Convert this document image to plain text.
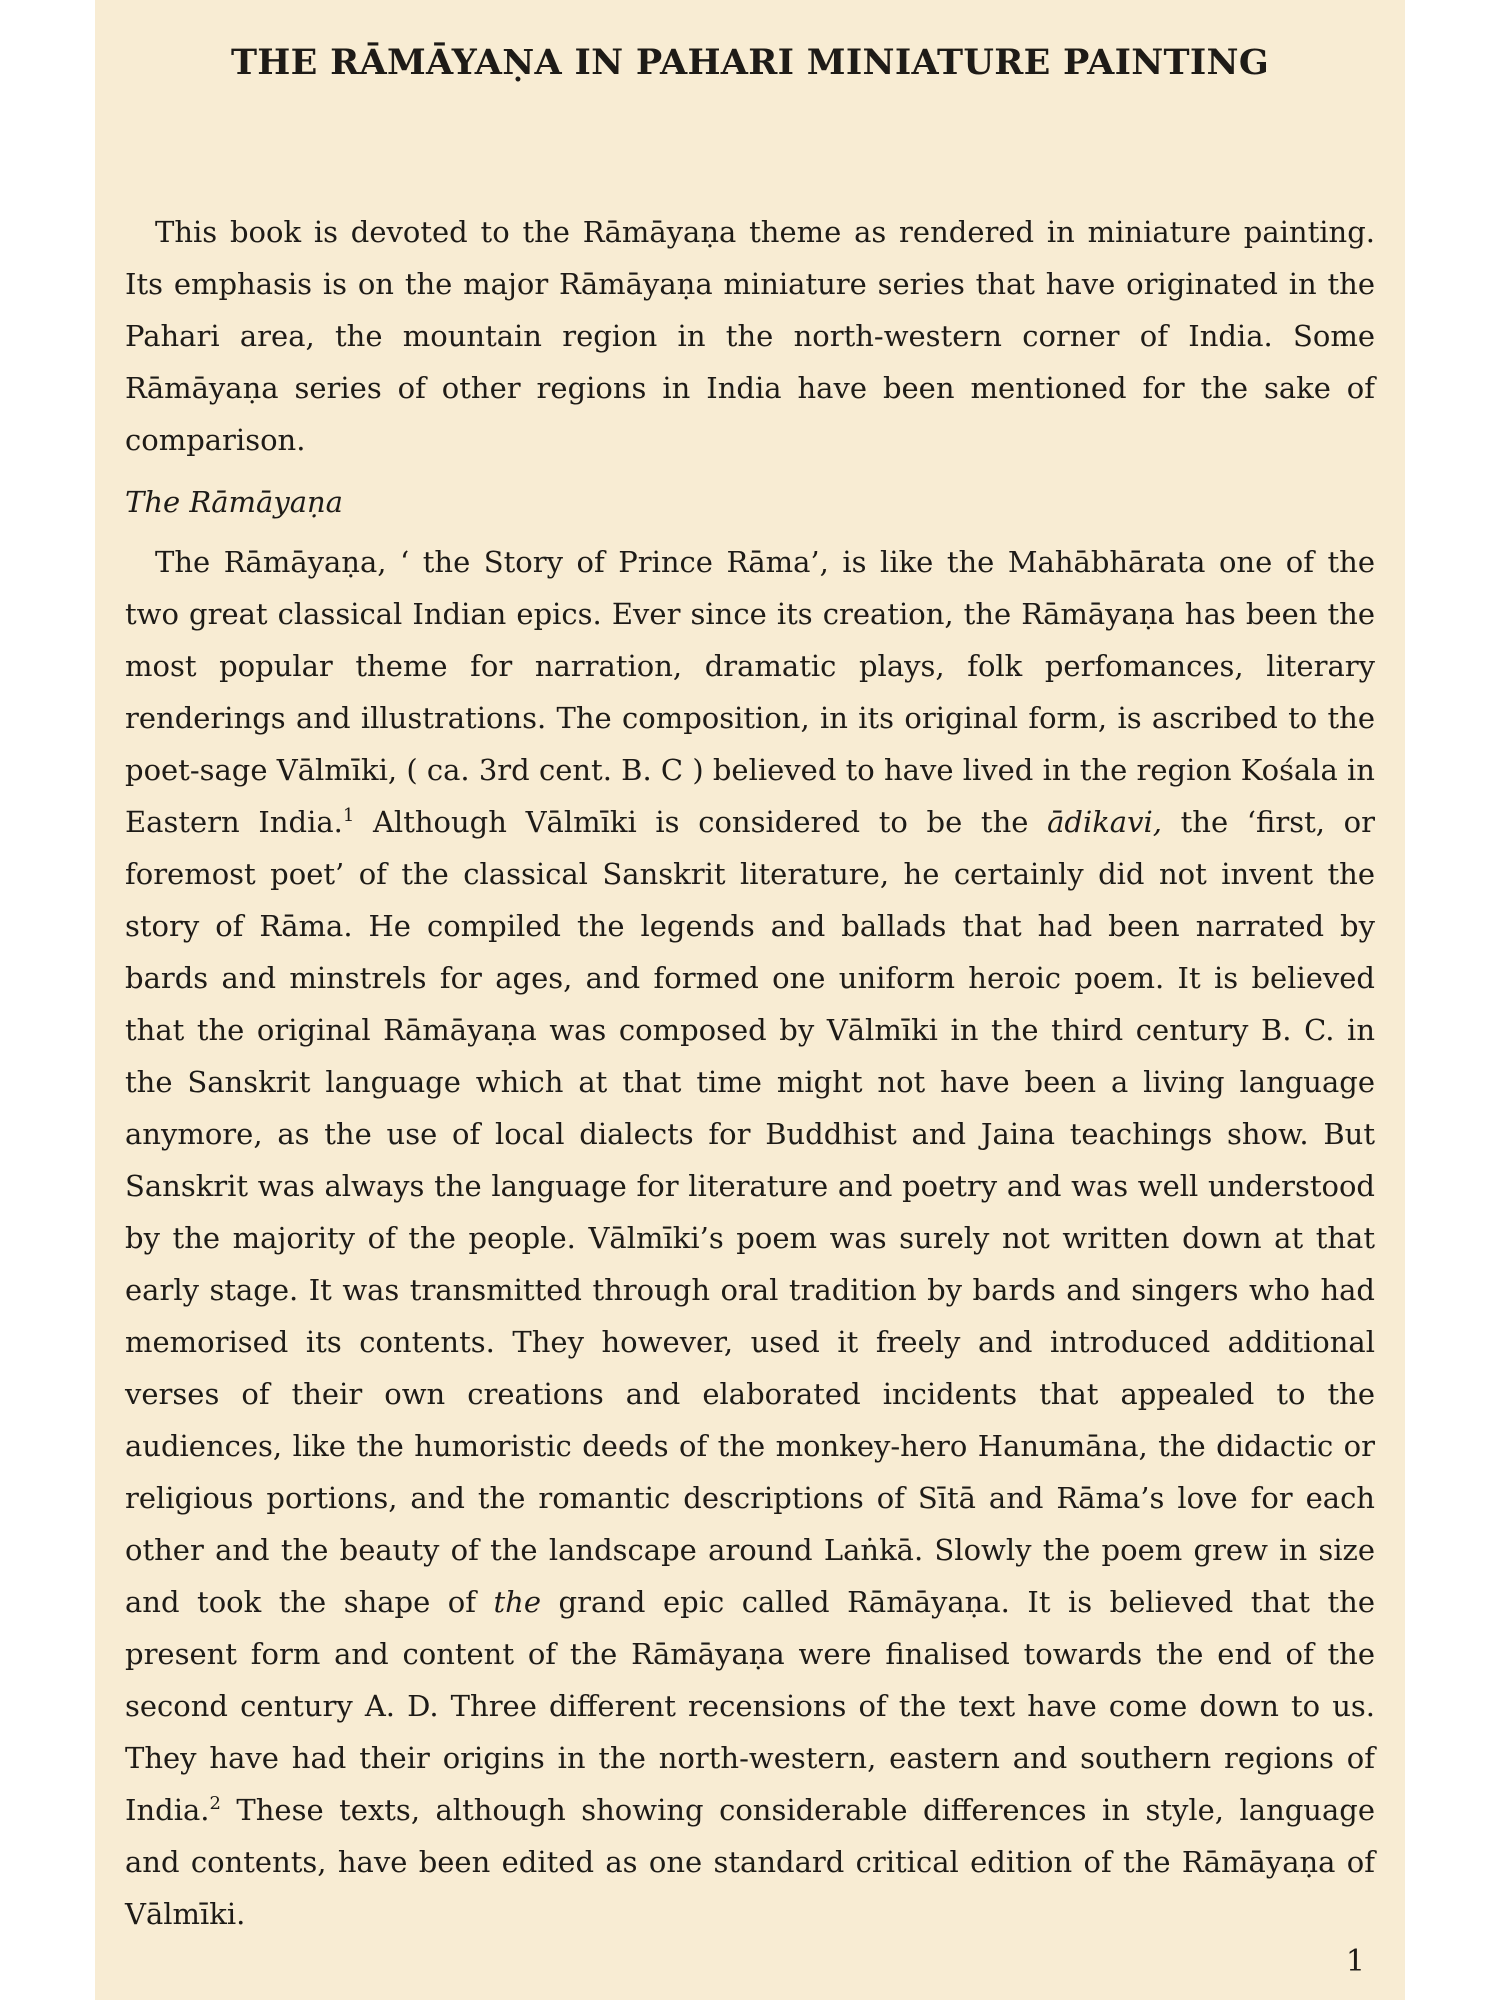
THE RĀMĀYAṆA IN PAHARI MINIATURE PAINTING

This book is devoted to the Rāmāyaṇa theme as rendered in miniature painting. Its emphasis is on the major Rāmāyaṇa miniature series that have originated in the Pahari area, the mountain region in the north-western corner of India. Some Rāmāyaṇa series of other regions in India have been mentioned for the sake of comparison.

The Rāmāyaṇa

The Rāmāyaṇa, ‘ the Story of Prince Rāma’, is like the Mahābhārata one of the two great classical Indian epics. Ever since its creation, the Rāmāyaṇa has been the most popular theme for narration, dramatic plays, folk perfomances, literary renderings and illustrations. The composition, in its original form, is ascribed to the poet-sage Vālmīki, ( ca. 3rd cent. B. C ) believed to have lived in the region Kośala in Eastern India.$^1$ Although Vālmīki is considered to be the ādikavi, the ‘first, or foremost poet’ of the classical Sanskrit literature, he certainly did not invent the story of Rāma. He compiled the legends and ballads that had been narrated by bards and minstrels for ages, and formed one uniform heroic poem. It is believed that the original Rāmāyaṇa was composed by Vālmīki in the third century B. C. in the Sanskrit language which at that time might not have been a living language anymore, as the use of local dialects for Buddhist and Jaina teachings show. But Sanskrit was always the language for literature and poetry and was well understood by the majority of the people. Vālmīki’s poem was surely not written down at that early stage. It was transmitted through oral tradition by bards and singers who had memorised its contents. They however, used it freely and introduced additional verses of their own creations and elaborated incidents that appealed to the audiences, like the humoristic deeds of the monkey-hero Hanumāna, the didactic or religious portions, and the romantic descriptions of Sītā and Rāma’s love for each other and the beauty of the landscape around Laṅkā. Slowly the poem grew in size and took the shape of the grand epic called Rāmāyaṇa. It is believed that the present form and content of the Rāmāyaṇa were finalised towards the end of the second century A. D. Three different recensions of the text have come down to us. They have had their origins in the north-western, eastern and southern regions of India.$^2$ These texts, although showing considerable differences in style, language and contents, have been edited as one standard critical edition of the Rāmāyaṇa of Vālmīki.

1
